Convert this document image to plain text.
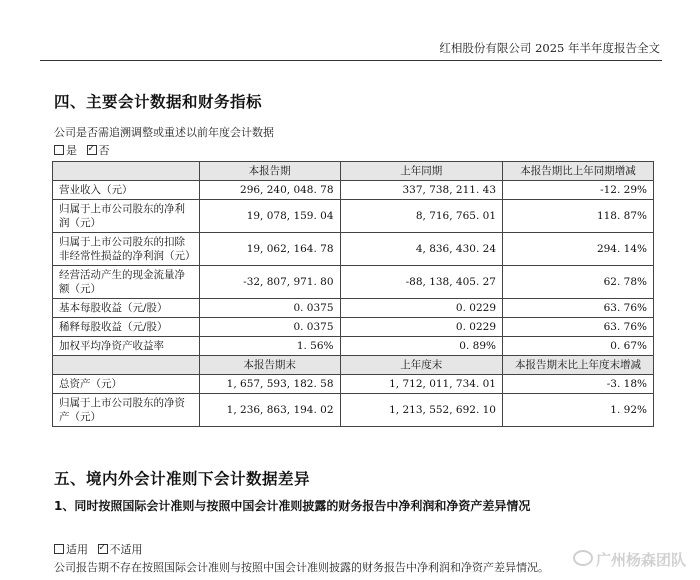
红相股份有限公司 2025 年半年度报告全文
四、主要会计数据和财务指标
公司是否需追溯调整或重述以前年度会计数据
是 ✓ 否
	本报告期	上年同期	本报告期比上年同期增减
营业收入（元）	296, 240, 048. 78	337, 738, 211. 43	-12. 29%
归属于上市公司股东的净利润（元）	19, 078, 159. 04	8, 716, 765. 01	118. 87%
归属于上市公司股东的扣除非经常性损益的净利润（元）	19, 062, 164. 78	4, 836, 430. 24	294. 14%
经营活动产生的现金流量净额（元）	-32, 807, 971. 80	-88, 138, 405. 27	62. 78%
基本每股收益（元/股）	0. 0375	0. 0229	63. 76%
稀释每股收益（元/股）	0. 0375	0. 0229	63. 76%
加权平均净资产收益率	1. 56%	0. 89%	0. 67%
	本报告期末	上年度末	本报告期末比上年度末增减
总资产（元）	1, 657, 593, 182. 58	1, 712, 011, 734. 01	-3. 18%
归属于上市公司股东的净资产（元）	1, 236, 863, 194. 02	1, 213, 552, 692. 10	1. 92%
五、境内外会计准则下会计数据差异
1、同时按照国际会计准则与按照中国会计准则披露的财务报告中净利润和净资产差异情况
适用 ✓ 不适用
公司报告期不存在按照国际会计准则与按照中国会计准则披露的财务报告中净利润和净资产差异情况。	广州杨森团队
